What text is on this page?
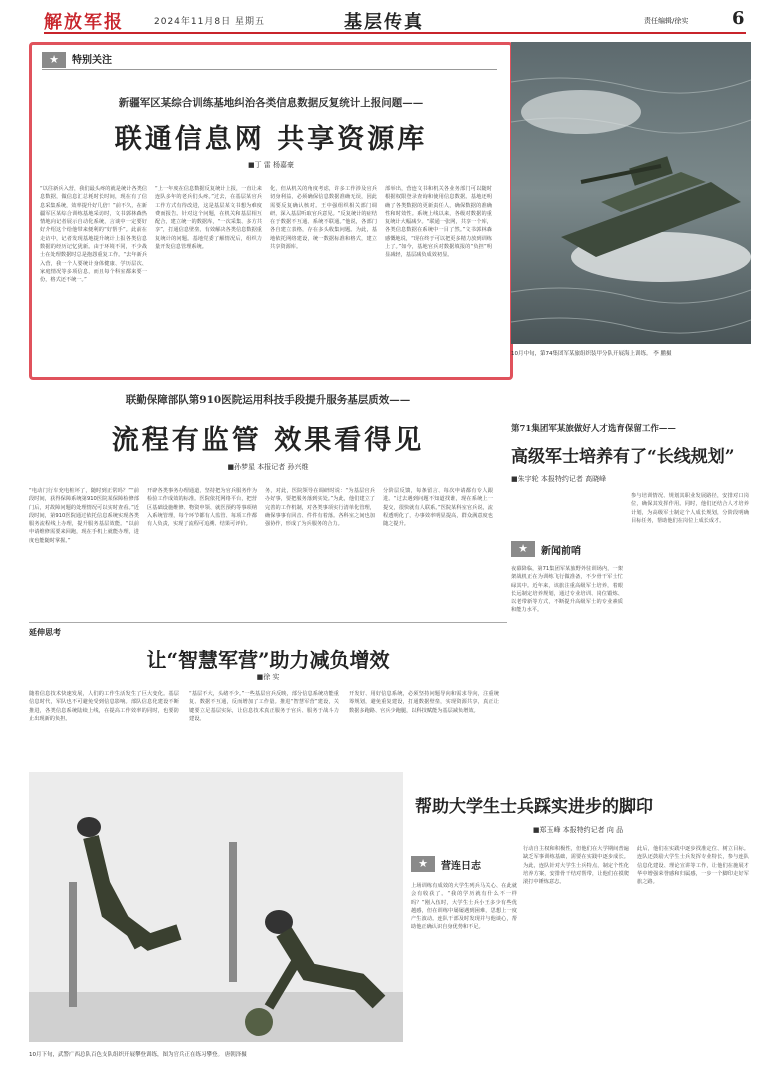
解放军报	2024年11月8日 星期五	基层传真	责任编辑/徐实 6
★ 特别关注
新疆军区某综合训练基地纠治各类信息数据反复统计上报问题——
联通信息网 共享资源库
■丁 雷 杨嘉豪
“以往新兵入营，我们最头疼的就是统计各类信息数据，做信息汇总耗时长时间，现在有了信息采集系统，效率提升好几倍！”前不久，在新疆军区某综合训练基地采访时，文书郭林森热情地向记者展示自动化系统，言谈中一定要好好介绍这个给他带来便利的“好帮手”。此前在走访中，记者发现基地提升统计上报各类信息数据的经历记忆犹新。由于环境不同，不少战士在处理数据时总是抱怨重复工作。“去年新兵入营，我一个人要统计身体健康、学历层次、家庭情况等多项信息，而且每个科室都来要一份，格式还不统一。”
“上一年度在信息数据反复统计上报，一直让来连队多年的老兵们头疼。”过去，在基层某官兵工作方式有待改进，这是基层某文书想为难度费而报告。针对这个问题，在机关和基层相互配合，建立统一的数据库，“一次采集、多方共享”，打通信息壁垒，有效解决各类信息数据重复统计的问题。基地党委了解情况后，组织力量开发信息管理系统。
化，但从机关的角度考虑，许多工作涉及官兵切身利益，必须确保信息数据准确无误，因此需要反复确认核对。王中强组织相关部门调研，深入基层听取官兵意见。“反复统计的症结在于数据不互通、系统不联通。”他说，各部门各自建立表格，存在多头收集问题。为此，基地依托网络建设，统一数据标准和格式，建立共享资源库。
部举出，营连文书和机关各业务部门可以随时根据权限登录查询和使用信息数据。基地还明确了各类数据的更新责任人，确保数据的准确性和时效性。系统上线以来，各级对数据的重复统计大幅减少。“联通一张网，共享一个库，各类信息数据在系统中一目了然。”文书郭林森感慨地说，“现在终于可以把更多精力放到训练上了。”如今，基地官兵对数据填报的“负担”明显减轻，基层减负成效初显。
10月中旬，第74集团军某旅组织装甲分队开展海上训练。 李 鹏摄
联勤保障部队第910医院运用科技手段提升服务基层质效——
流程有监管 效果看得见
■孙梦星 本报记者 孙兴维
“电动门行车充电桩坏了，随时到正常吗？”“前段时间，获得保障系统第910医院某保障检修部门后，对故障问题的处理情况可以实时查看。”近段时间，第910医院通过依托信息系统实现各类服务流程线上办理，提升服务基层效能。“以前申请维修需要来回跑，现在手机上就能办理，进度也能随时掌握。”
开辟各类事务办理通道，坚持把为官兵服务作为检验工作成效的标准。医院依托网络平台，把营区基础设施维修、物资申领、就医预约等事项纳入系统管理，每个环节都有人监管、每项工作都有人负责，实现了流程可追溯、结果可评价。
务，对此，医院领导在调研时说：“为基层官兵办好事，要把服务落到实处。”为此，他们建立了完善的工作机制，对各类事项实行清单化管理，确保事事有回音、件件有着落。各科室之间也加强协作，形成了为兵服务的合力。
分阶层反馈，每条留言、每次申请都有专人跟进。“过去遇到问题不知道找谁，现在系统上一提交，很快就有人联系。”医院某科室官兵说，流程透明化了，办事效率明显提高，群众满意度也随之提升。
第71集团军某旅做好人才选育保留工作——
高级军士培养有了“长线规划”
■朱宇轮 本报特约记者 高晓峰
★	新闻前哨
参与培训情况、规划其职业发展路径，安排对口岗位，确保其发挥作用。同时，他们还结合人才培养计划，为高级军士制定个人成长规划，分阶段明确目标任务，帮助他们在岗位上成长成才。
夜幕降临，第71集团军某旅野外驻训场内，一架架战机正在为训练飞行做准备，不少骨干军士忙碌其中。近年来，该旅注重高级军士培养，着眼长远制定培养规划，通过专业培训、岗位锻炼、以老带新等方式，不断提升高级军士的专业素质和能力水平。
延伸思考
让“智慧军营”助力减负增效
■徐 实
随着信息技术快速发展，人们的工作生活发生了巨大变化。基层信息时代，军队也不可避免受到信息影响。部队信息化建设不断推进，各类信息系统陆续上线，在提高工作效率的同时，也要防止出现新的负担。
“基层不大，头绪不少。”一些基层官兵反映，部分信息系统功能重复、数据不互通，反而增加了工作量。推进“智慧军营”建设，关键要立足基层实际，让信息技术真正服务于官兵、服务于战斗力建设。
开发好、用好信息系统，必须坚持问题导向和需求导向，注重统筹规划，避免重复建设，打通数据壁垒，实现资源共享，真正让数据多跑路、官兵少跑腿，以科技赋能为基层减负增效。
10月下旬，武警广西总队百色支队组织开展攀登训练，图为官兵正在练习攀登。 唐朝泽摄
帮助大学生士兵踩实进步的脚印
■郑玉峰 本报特约记者 向 品
★	营连日志
上场训练有成效的大学生列兵马关心、在此就会有收获了。“我的学历就有什么不一样吗？”刚入伍时，大学生士兵小王多少有些优越感，但在训练中屡屡遇到困难，思想上一度产生波动。连队干部及时发现并与他谈心，帮助他正确认识自身优势和不足。
行动自主权和积极性，但他们在大学期间普遍缺乏军事训练基础，需要在实践中逐步成长。为此，连队针对大学生士兵特点，制定个性化培养方案，安排骨干结对帮带，让他们在摸爬滚打中锤炼意志。
此后，他们在实践中逐步找准定位、树立目标。连队还鼓励大学生士兵发挥专业特长，参与连队信息化建设、理论宣讲等工作，让他们在施展才华中增强荣誉感和归属感，一步一个脚印走好军旅之路。
